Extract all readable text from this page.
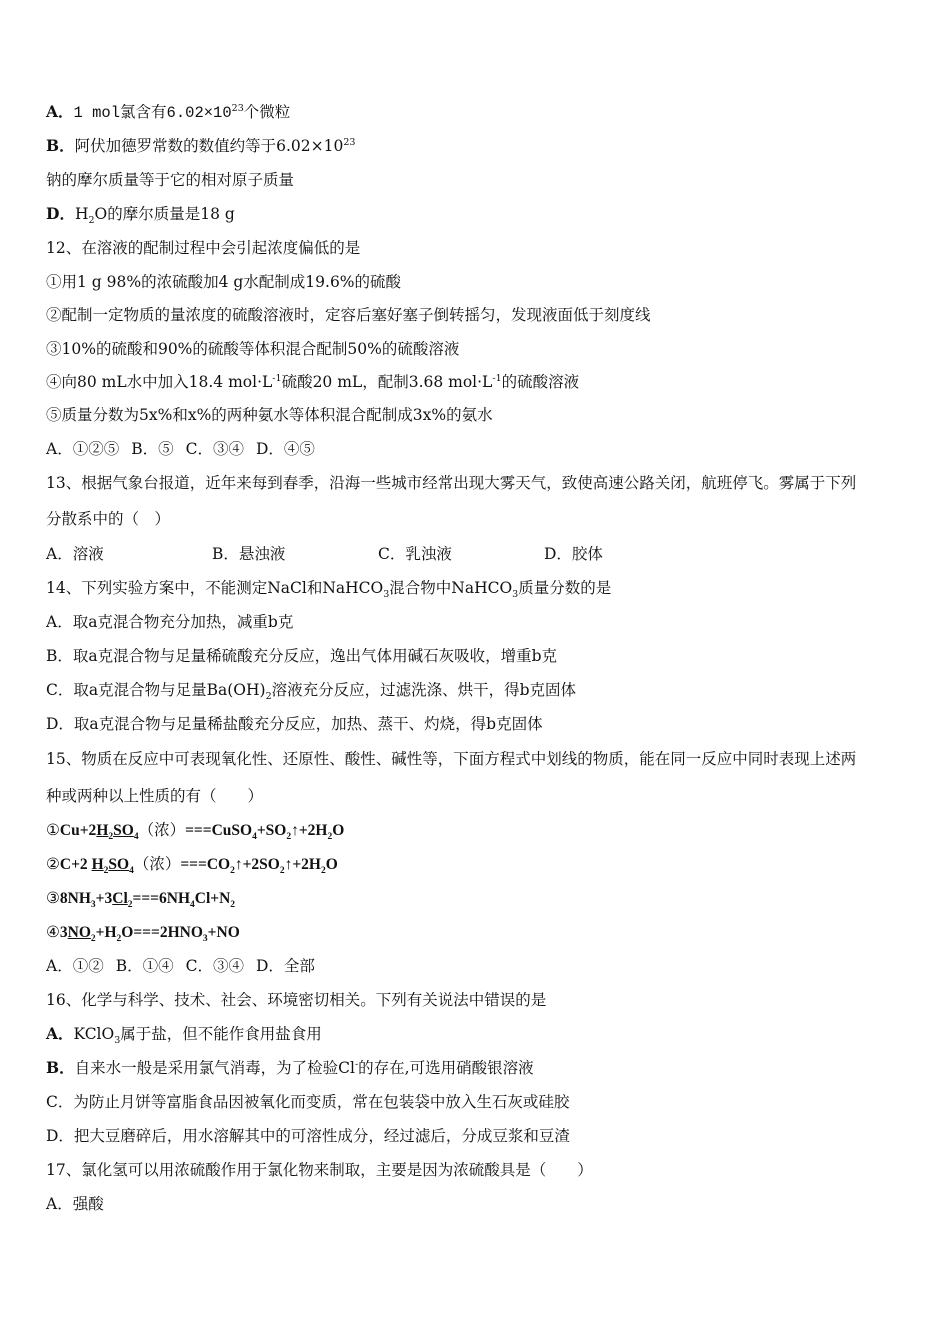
A．1 mol氯含有$6.02\times 10^{23}$个微粒
B．阿伏加德罗常数的数值约等于$6.02\times 10^{23}$
钠的摩尔质量等于它的相对原子质量
D．$H_2O$的摩尔质量是18 g
12、在溶液的配制过程中会引起浓度偏低的是
①用1 g 98%的浓硫酸加4 g水配制成19.6%的硫酸
②配制一定物质的量浓度的硫酸溶液时，定容后塞好塞子倒转摇匀，发现液面低于刻度线
③10%的硫酸和90%的硫酸等体积混合配制50%的硫酸溶液
④向80 mL水中加入18.4 $mol\cdot L^{-1}$硫酸20 mL，配制3.68 $mol\cdot L^{-1}$的硫酸溶液
⑤质量分数为5x%和x%的两种氨水等体积混合配制成3x%的氨水
A．①②⑤ B．⑤ C．③④ D．④⑤
13、根据气象台报道，近年来每到春季，沿海一些城市经常出现大雾天气，致使高速公路关闭，航班停飞。雾属于下列
分散系中的（　）
A．溶液	B．悬浊液	C．乳浊液	D．胶体
14、下列实验方案中，不能测定NaCl和NaHCO$_3$混合物中NaHCO$_3$质量分数的是
A．取a克混合物充分加热，减重b克
B．取a克混合物与足量稀硫酸充分反应，逸出气体用碱石灰吸收，增重b克
C．取a克混合物与足量$Ba(OH)_2$溶液充分反应，过滤洗涤、烘干，得b克固体
D．取a克混合物与足量稀盐酸充分反应，加热、蒸干、灼烧，得b克固体
15、物质在反应中可表现氧化性、还原性、酸性、碱性等，下面方程式中划线的物质，能在同一反应中同时表现上述两
种或两种以上性质的有（　　）
$①Cu+2H_2SO_4$（浓）$===CuSO_4+SO_2↑+2H_2O$
②C+2 $H_2SO_4$（浓）$===CO_2↑+2SO_2↑+2H_2O$
$③8NH_3+3Cl_2===6NH_4Cl+N_2$
$④3NO_2+H_2O===2HNO_3+NO$
A．①② B．①④ C．③④ D．全部
16、化学与科学、技术、社会、环境密切相关。下列有关说法中错误的是
A．KClO$_3$属于盐，但不能作食用盐食用
B．自来水一般是采用氯气消毒，为了检验Cl-的存在,可选用硝酸银溶液
C．为防止月饼等富脂食品因被氧化而变质，常在包装袋中放入生石灰或硅胶
D．把大豆磨碎后，用水溶解其中的可溶性成分，经过滤后，分成豆浆和豆渣
17、氯化氢可以用浓硫酸作用于氯化物来制取，主要是因为浓硫酸具是（　　）
A．强酸
